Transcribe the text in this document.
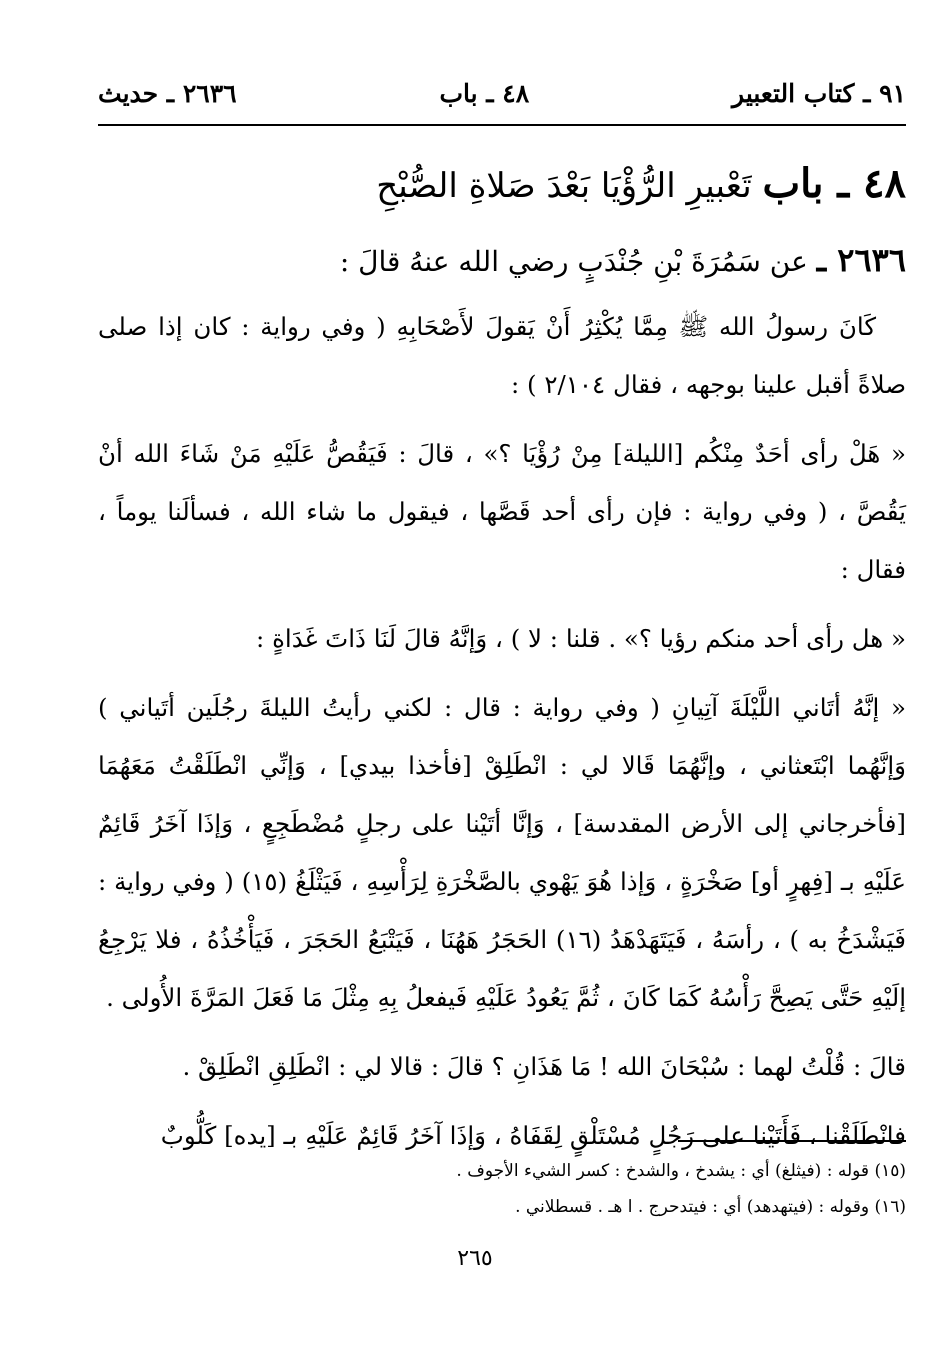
٩١ ـ كتاب التعبير
٤٨ ـ باب
٢٦٣٦ ـ حديث
٤٨ ـ باب تَعْبيرِ الرُّؤْيَا بَعْدَ صَلاةِ الصُّبْحِ
٢٦٣٦ ـ عن سَمُرَةَ بْنِ جُنْدَبٍ رضي الله عنهُ قالَ :

كَانَ رسولُ الله ﷺ مِمَّا يُكْثِرُ أَنْ يَقولَ لأَصْحَابِهِ ( وفي رواية : كان إذا صلى صلاةً أقبل علينا بوجهه ، فقال ٢/١٠٤ ) :

« هَلْ رأى أحَدٌ مِنْكُم [الليلة] مِنْ رُؤْيَا ؟» ، قالَ : فَيَقُصُّ عَلَيْهِ مَنْ شَاءَ الله أنْ يَقُصَّ ، ( وفي رواية : فإن رأى أحد قَصَّها ، فيقول ما شاء الله ، فسألَنا يوماً ، فقال :

« هل رأى أحد منكم رؤيا ؟» . قلنا : لا ) ، وَإنَّهُ قالَ لَنَا ذَاتَ غَدَاةٍ :

« إنَّهُ أتَاني اللَّيْلَةَ آتِيانِ ( وفي رواية : قال : لكني رأيتُ الليلةَ رجُلَين أتَياني ) وَإنَّهُما ابْتَعثاني ، وإنَّهُمَا قَالا لي : انْطَلِقْ [فأخذا بيدي] ، وَإنِّي انْطَلَقْتُ مَعَهُمَا [فأخرجاني إلى الأرض المقدسة] ، وَإنَّا أتَيْنا على رجلٍ مُضْطَجِعٍ ، وَإذَا آخَرُ قَائِمٌ عَلَيْهِ بـ [فِهرٍ أو] صَخْرَةٍ ، وَإذا هُوَ يَهْوي بالصَّخْرَةِ لِرَأْسِهِ ، فَيَثْلَغُ (١٥) ( وفي رواية : فَيَشْدَخُ به ) ، رأسَهُ ، فَيَتَهَدْهَدُ (١٦) الحَجَرُ هَهُنَا ، فَيَتْبَعُ الحَجَرَ ، فَيَأْخُذُهُ ، فلا يَرْجِعُ إلَيْهِ حَتَّى يَصِحَّ رَأْسُهُ كَمَا كَانَ ، ثُمَّ يَعُودُ عَلَيْهِ فَيفعلُ بِهِ مِثْلَ مَا فَعَلَ المَرَّةَ الأُولى .

قالَ : قُلْتُ لهما : سُبْحَانَ الله ! مَا هَذَانِ ؟ قالَ : قالا لي : انْطَلِقِ انْطَلِقْ .

فانْطَلَقْنا ، فَأَتَيْنا على رَجُلٍ مُسْتَلْقٍ لِقَفَاهُ ، وَإذَا آخَرُ قَائِمٌ عَلَيْهِ بـ [يده] كَلُّوبٌ

(١٥) قوله : (فيثلغ) أي : يشدخ ، والشدخ : كسر الشيء الأجوف .
(١٦) وقوله : (فيتهدهد) أي : فيتدحرج . ا هـ . قسطلاني .
٢٦٥
